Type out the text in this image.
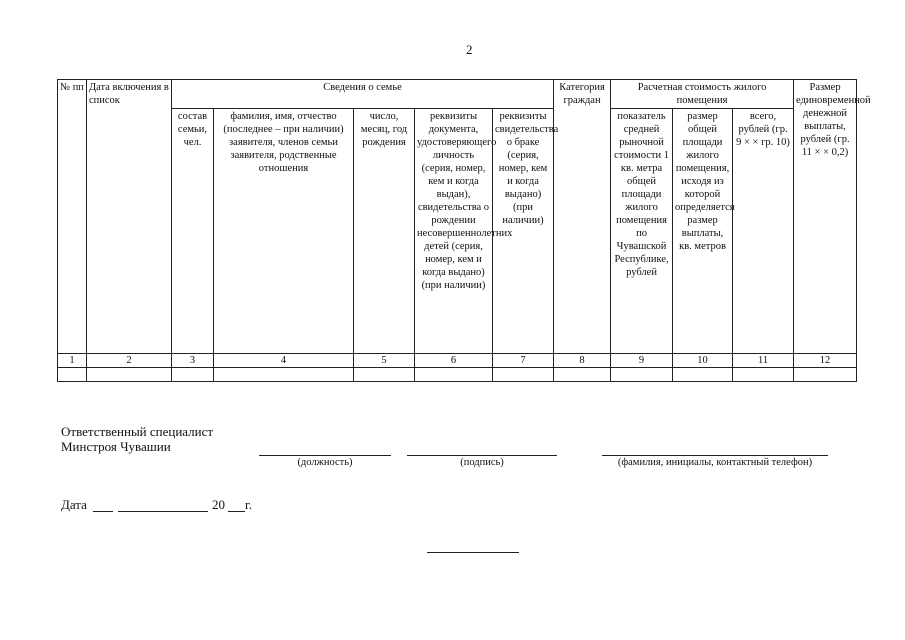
2
№ пп	Дата включения в список	Сведения о семье					Категория граждан	Расчетная стоимость жилого помещения			Размер единовременной денежной выплаты, рублей (гр. 11 × × 0,2)
		состав семьи, чел.	фамилия, имя, отчество (последнее – при наличии) заявителя, членов семьи заявителя, родственные отношения	число, месяц, год рождения	реквизиты документа, удостоверяющего личность (серия, номер, кем и когда выдан), свидетельства о рождении несовершеннолетних детей (серия, номер, кем и когда выдано) (при наличии)	реквизиты свидетельства о браке (серия, номер, кем и когда выдано) (при наличии)		показатель средней рыночной стоимости 1 кв. метра общей площади жилого помещения по Чувашской Республике, рублей	размер общей площади жилого помещения, исходя из которой определяется размер выплаты, кв. метров	всего, рублей (гр. 9 × × гр. 10)	
1	2	3	4	5	6	7	8	9	10	11	12

Ответственный специалист
Минстроя Чувашии
(должность)	(подпись)	(фамилия, инициалы, контактный телефон)
Дата	20 г.
